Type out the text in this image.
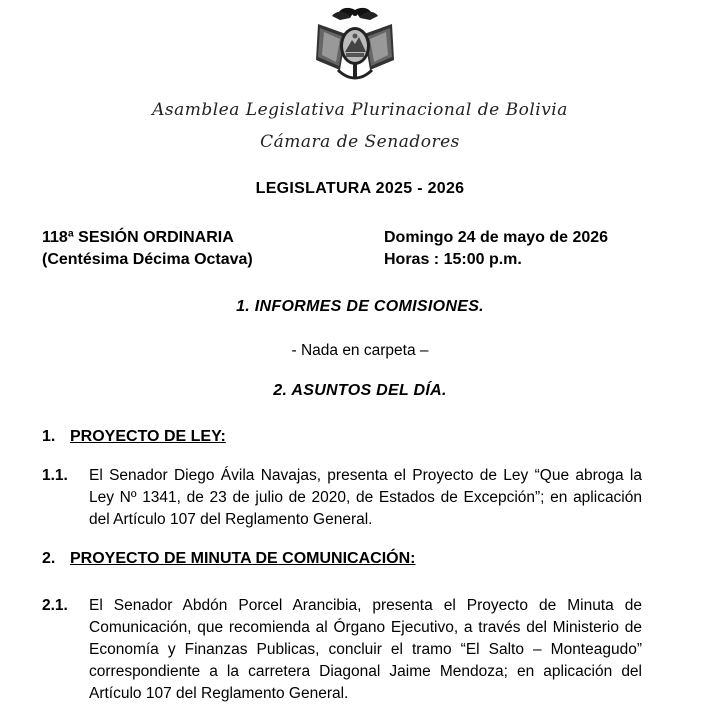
Asamblea Legislativa Plurinacional de Bolivia
Cámara de Senadores
LEGISLATURA 2025 - 2026
118ª SESIÓN ORDINARIA
(Centésima Décima Octava)
Domingo 24 de mayo de 2026
Horas : 15:00 p.m.
1. INFORMES DE COMISIONES.
- Nada en carpeta –
2. ASUNTOS DEL DÍA.
1. PROYECTO DE LEY:
1.1. El Senador Diego Ávila Navajas, presenta el Proyecto de Ley “Que abroga la Ley Nº 1341, de 23 de julio de 2020, de Estados de Excepción”; en aplicación del Artículo 107 del Reglamento General.
2. PROYECTO DE MINUTA DE COMUNICACIÓN:
2.1. El Senador Abdón Porcel Arancibia, presenta el Proyecto de Minuta de Comunicación, que recomienda al Órgano Ejecutivo, a través del Ministerio de Economía y Finanzas Publicas, concluir el tramo “El Salto – Monteagudo” correspondiente a la carretera Diagonal Jaime Mendoza; en aplicación del Artículo 107 del Reglamento General.
